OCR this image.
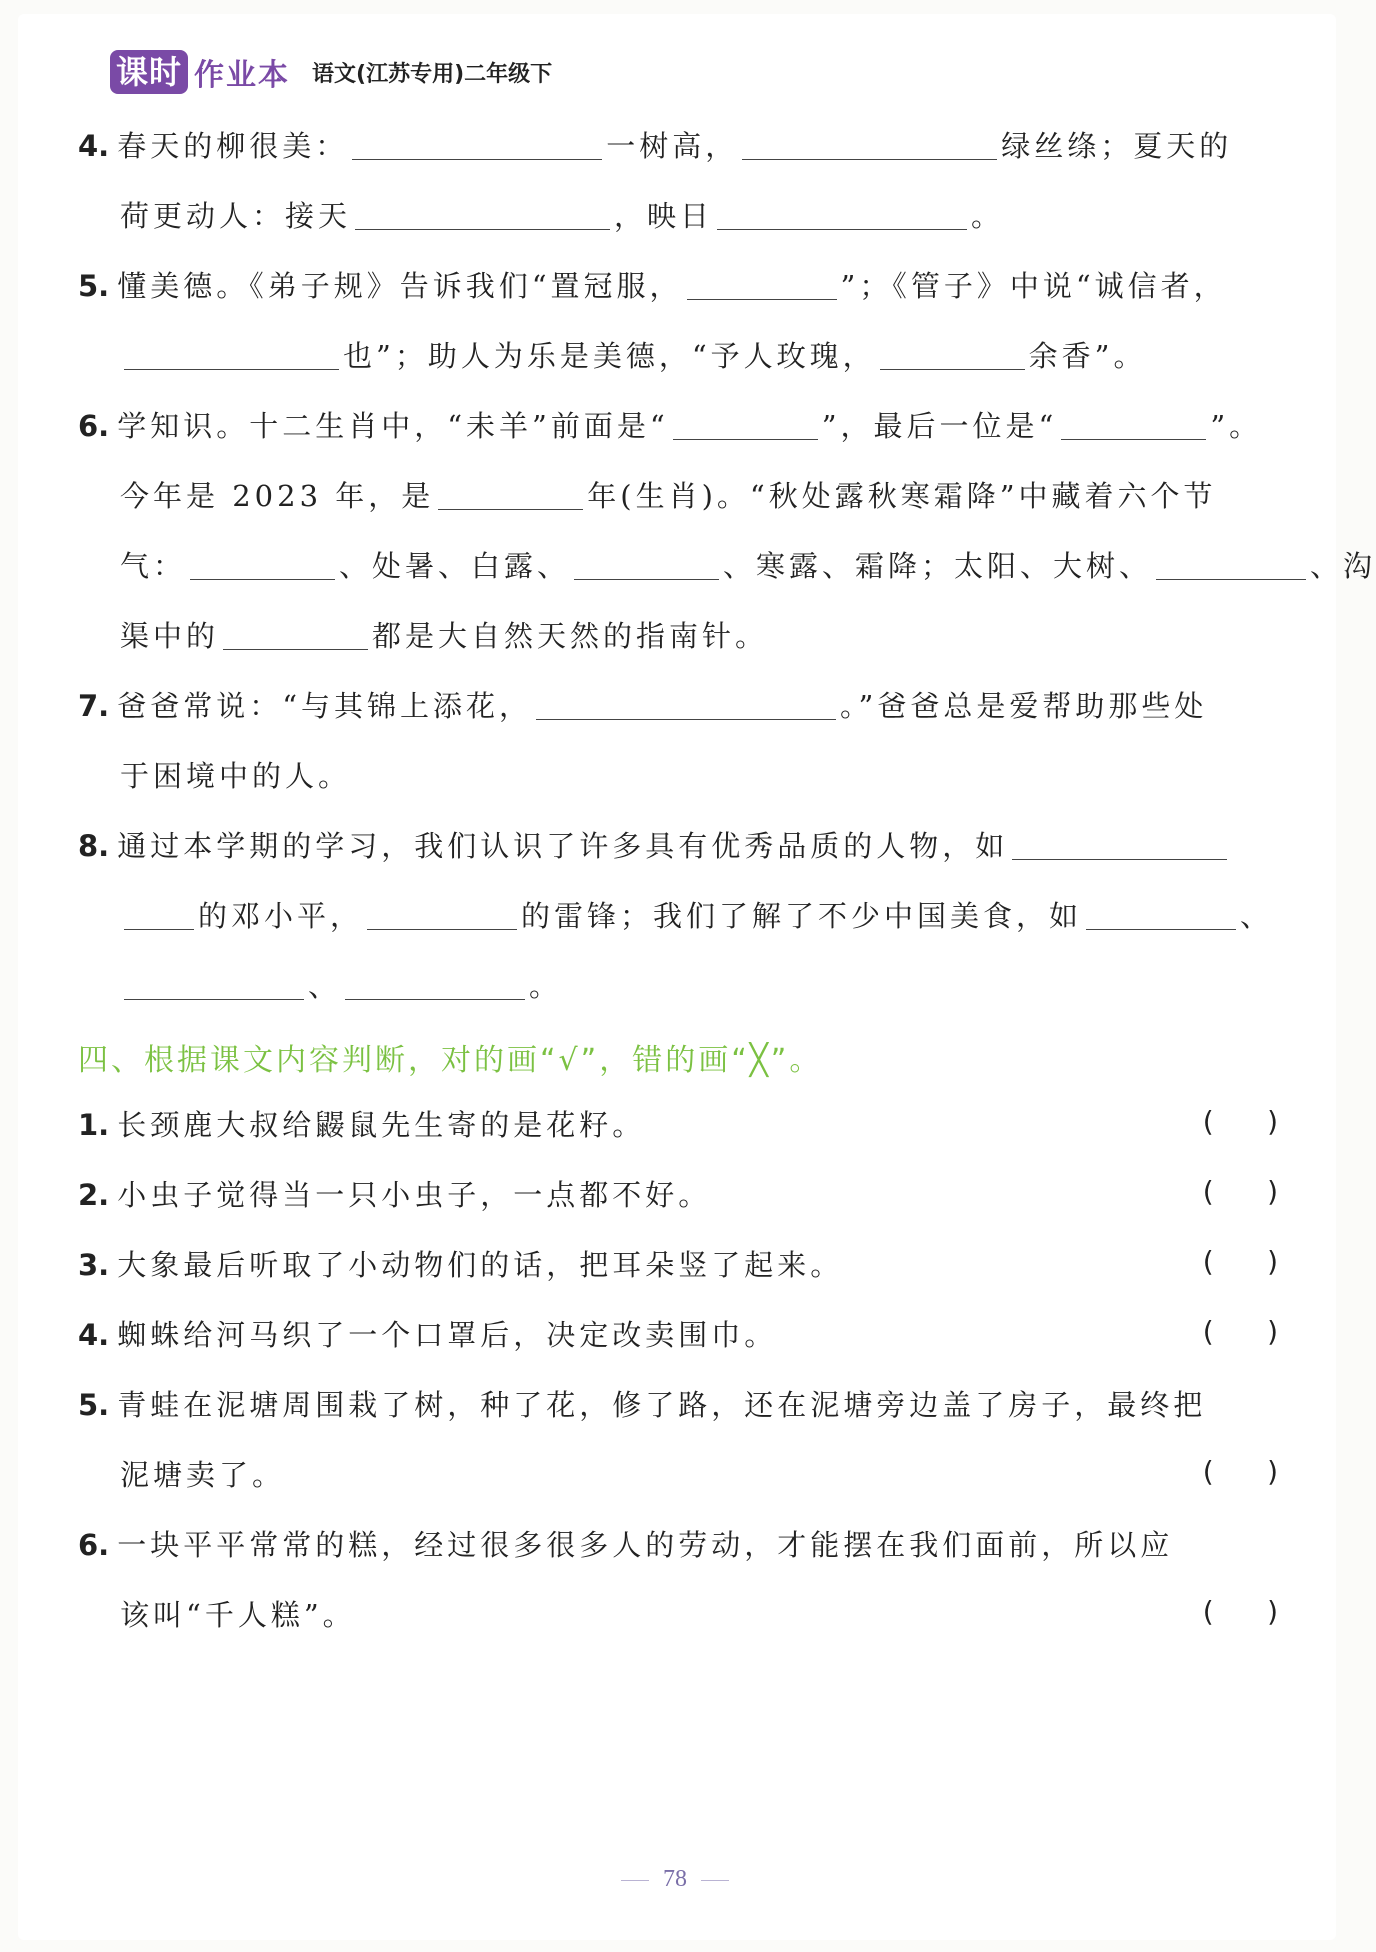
课时 作业本 语文(江苏专用)二年级下
4. 春天的柳很美：	一树高，	绿丝绦；夏天的
荷更动人：接天	，映日	。
5. 懂美德。《弟子规》告诉我们“置冠服，	”；《管子》中说“诚信者，
也”；助人为乐是美德，“予人玫瑰，	余香”。
6. 学知识。十二生肖中，“未羊”前面是“	”，最后一位是“	”。
今年是 2023 年，是	年(生肖)。“秋处露秋寒霜降”中藏着六个节
气：	、处暑、白露、	、寒露、霜降；太阳、大树、	、沟
渠中的	都是大自然天然的指南针。
7. 爸爸常说：“与其锦上添花，	。”爸爸总是爱帮助那些处
于困境中的人。
8. 通过本学期的学习，我们认识了许多具有优秀品质的人物，如
的邓小平，	的雷锋；我们了解了不少中国美食，如	、
、	。
1. 长颈鹿大叔给鼹鼠先生寄的是花籽。	(      )
2. 小虫子觉得当一只小虫子，一点都不好。	(      )
3. 大象最后听取了小动物们的话，把耳朵竖了起来。	(      )
4. 蜘蛛给河马织了一个口罩后，决定改卖围巾。	(      )
5. 青蛙在泥塘周围栽了树，种了花，修了路，还在泥塘旁边盖了房子，最终把
泥塘卖了。	(      )
6. 一块平平常常的糕，经过很多很多人的劳动，才能摆在我们面前，所以应
该叫“千人糕”。	(      )
四、根据课文内容判断，对的画“√”，错的画“╳”。
78
